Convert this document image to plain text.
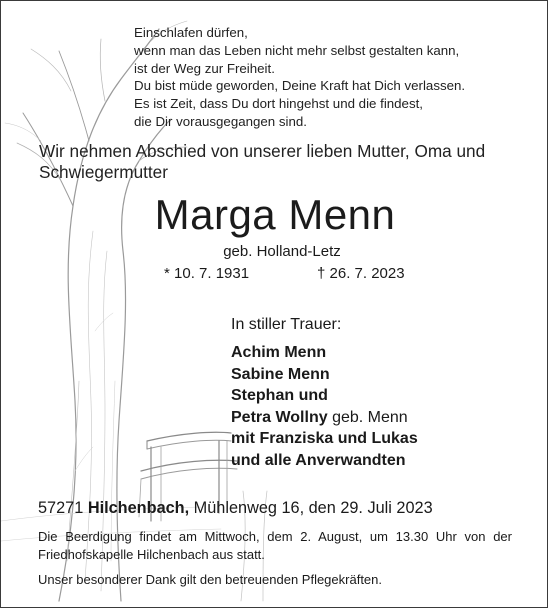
Einschlafen dürfen,
wenn man das Leben nicht mehr selbst gestalten kann,
ist der Weg zur Freiheit.
Du bist müde geworden, Deine Kraft hat Dich verlassen.
Es ist Zeit, dass Du dort hingehst und die findest,
die Dir vorausgegangen sind.

Wir nehmen Abschied von unserer lieben Mutter, Oma und Schwiegermutter

Marga Menn
geb. Holland-Letz
* 10. 7. 1931	† 26. 7. 2023
In stiller Trauer:
Achim Menn
Sabine Menn
Stephan und
Petra Wollny geb. Menn
mit Franziska und Lukas
und alle Anverwandten
57271 Hilchenbach, Mühlenweg 16, den 29. Juli 2023

Die Beerdigung findet am Mittwoch, dem 2. August, um 13.30 Uhr von der Friedhofskapelle Hilchenbach aus statt.

Unser besonderer Dank gilt den betreuenden Pflegekräften.
